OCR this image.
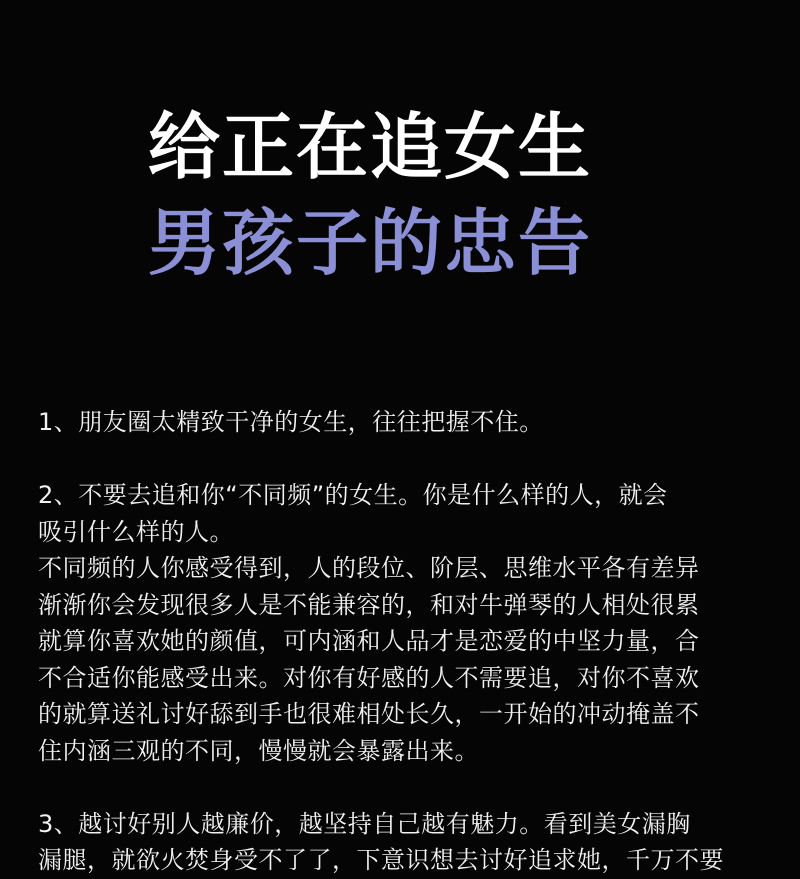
给正在追女生
男孩子的忠告

1、朋友圈太精致干净的女生，往往把握不住。

2、不要去追和你“不同频”的女生。你是什么样的人，就会

吸引什么样的人。

不同频的人你感受得到，人的段位、阶层、思维水平各有差异

渐渐你会发现很多人是不能兼容的，和对牛弹琴的人相处很累

就算你喜欢她的颜值，可内涵和人品才是恋爱的中坚力量，合

不合适你能感受出来。对你有好感的人不需要追，对你不喜欢

的就算送礼讨好舔到手也很难相处长久，一开始的冲动掩盖不

住内涵三观的不同，慢慢就会暴露出来。

3、越讨好别人越廉价，越坚持自己越有魅力。看到美女漏胸

漏腿，就欲火焚身受不了了，下意识想去讨好追求她，千万不要
